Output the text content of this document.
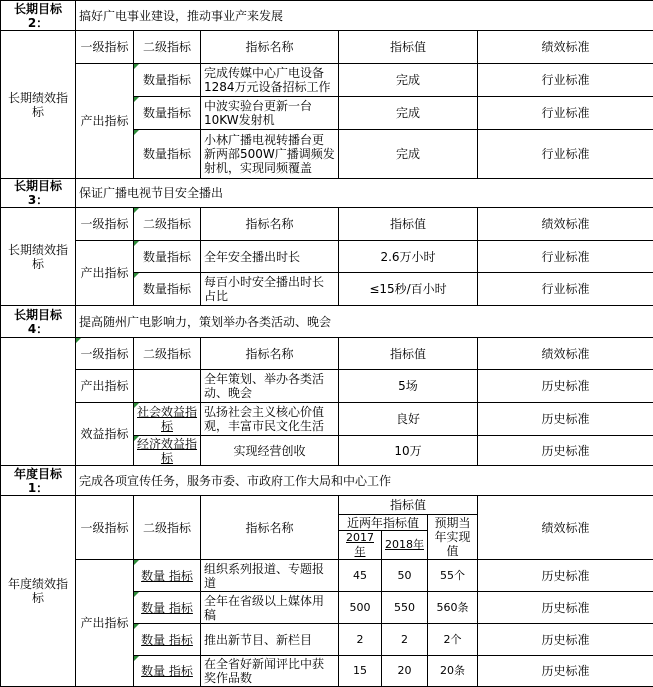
长期目标2：	搞好广电事业建设，推动事业产来发展						
长期绩效指标	一级指标	二级指标	指标名称	指标值			绩效标准
	产出指标	数量指标	完成传媒中心广电设备1284万元设备招标工作	完成			行业标准
		数量指标	中波实验台更新一台10KW发射机	完成			行业标准
		数量指标	小林广播电视转播台更新两部500W广播调频发射机，实现同频覆盖	完成			行业标准
长期目标3：	保证广播电视节目安全播出						
长期绩效指标	一级指标	二级指标	指标名称	指标值			绩效标准
	产出指标	数量指标	全年安全播出时长	2.6万小时			行业标准
		数量指标	每百小时安全播出时长占比	≤15秒/百小时			行业标准
长期目标4：	提高随州广电影响力，策划举办各类活动、晚会						
	一级指标	二级指标	指标名称	指标值			绩效标准
	产出指标		全年策划、举办各类活动、晚会	5场			历史标准
	效益指标	社会效益指标	弘扬社会主义核心价值观，丰富市民文化生活	良好			历史标准
		经济效益指标	实现经营创收	10万			历史标准
年度目标1：	完成各项宣传任务，服务市委、市政府工作大局和中心工作						
年度绩效指标	一级指标	二级指标	指标名称	指标值			绩效标准
				近两年指标值		预期当年实现值	
				2017 年	2018年		
	产出指标	数量 指标	组织系列报道、专题报道	45	50	55个	历史标准
		数量 指标	全年在省级以上媒体用稿	500	550	560条	历史标准
		数量 指标	推出新节目、新栏目	2	2	2个	历史标准
		数量 指标	在全省好新闻评比中获奖作品数	15	20	20条	历史标准
